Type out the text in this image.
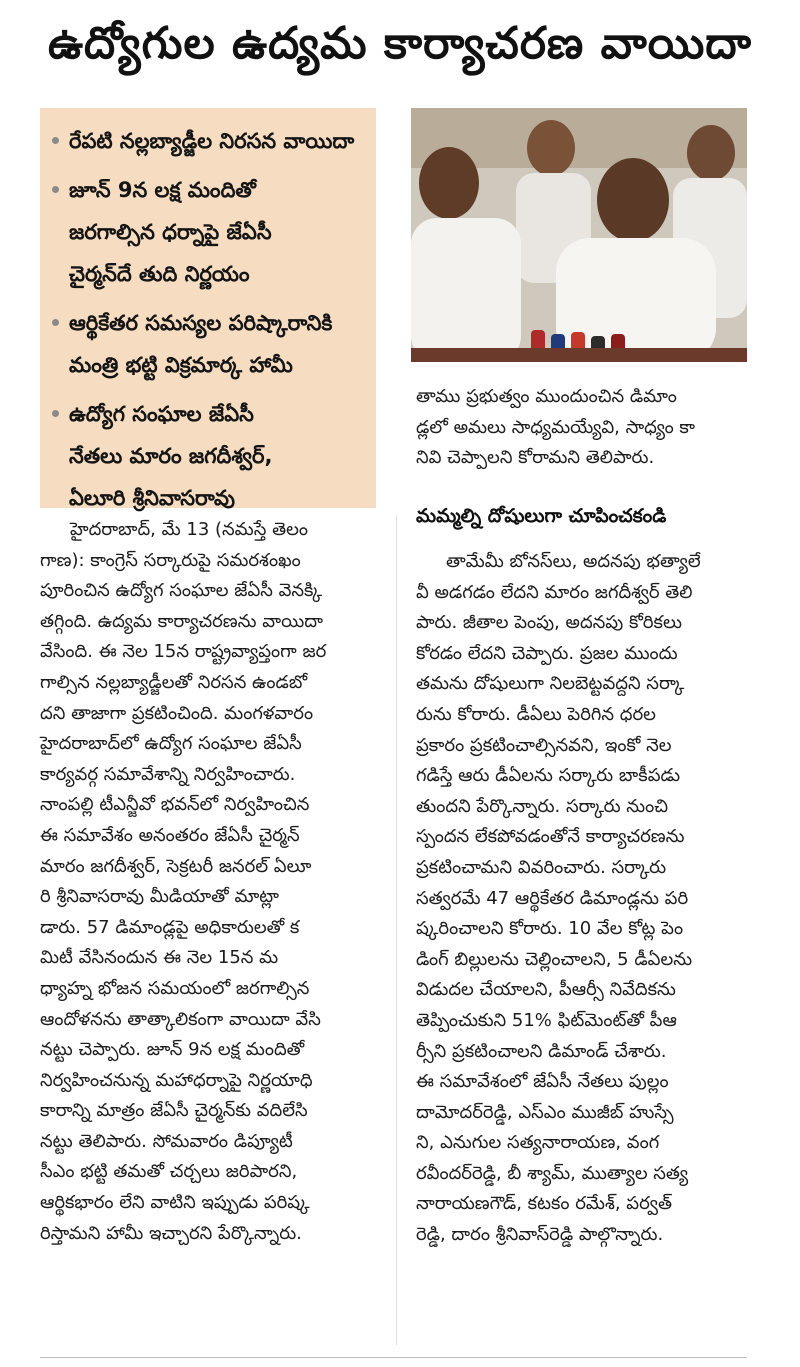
ఉద్యోగుల ఉద్యమ కార్యాచరణ వాయిదా
రేపటి నల్లబ్యాడ్జీల నిరసన వాయిదా
జూన్ 9న లక్ష మందితో
జరగాల్సిన ధర్నాపై జేఏసీ
చైర్మన్‌దే తుది నిర్ణయం
ఆర్థికేతర సమస్యల పరిష్కారానికి
మంత్రి భట్టి విక్రమార్క హామీ
ఉద్యోగ సంఘాల జేఏసీ
నేతలు మారం జగదీశ్వర్,
ఏలూరి శ్రీనివాసరావు
హైదరాబాద్, మే 13 (నమస్తే తెలం
గాణ): కాంగ్రెస్ సర్కారుపై సమరశంఖం
పూరించిన ఉద్యోగ సంఘాల జేఏసీ వెనక్కి
తగ్గింది. ఉద్యమ కార్యాచరణను వాయిదా
వేసింది. ఈ నెల 15న రాష్ట్రవ్యాప్తంగా జర
గాల్సిన నల్లబ్యాడ్జీలతో నిరసన ఉండబో
దని తాజాగా ప్రకటించింది. మంగళవారం
హైదరాబాద్‌లో ఉద్యోగ సంఘాల జేఏసీ
కార్యవర్గ సమావేశాన్ని నిర్వహించారు.
నాంపల్లి టీఎన్జీవో భవన్‌లో నిర్వహించిన
ఈ సమావేశం అనంతరం జేఏసీ చైర్మన్
మారం జగదీశ్వర్, సెక్రటరీ జనరల్ ఏలూ
రి శ్రీనివాసరావు మీడియాతో మాట్లా
డారు. 57 డిమాండ్లపై అధికారులతో క
మిటీ వేసినందున ఈ నెల 15న మ
ధ్యాహ్న భోజన సమయంలో జరగాల్సిన
ఆందోళనను తాత్కాలికంగా వాయిదా వేసి
నట్టు చెప్పారు. జూన్ 9న లక్ష మందితో
నిర్వహించనున్న మహాధర్నాపై నిర్ణయాధి
కారాన్ని మాత్రం జేఏసీ చైర్మన్‌కు వదిలేసి
నట్టు తెలిపారు. సోమవారం డిప్యూటీ
సీఎం భట్టి తమతో చర్చలు జరిపారని,
ఆర్థికభారం లేని వాటిని ఇప్పుడు పరిష్క
రిస్తామని హామీ ఇచ్చారని పేర్కొన్నారు.
తాము ప్రభుత్వం ముందుంచిన డిమాం
డ్లలో అమలు సాధ్యమయ్యేవి, సాధ్యం కా
నివి చెప్పాలని కోరామని తెలిపారు.
మమ్మల్ని దోషులుగా చూపించకండి
తామేమీ బోనస్‌లు, అదనపు భత్యాలే
వీ అడగడం లేదని మారం జగదీశ్వర్ తెలి
పారు. జీతాల పెంపు, అదనపు కోరికలు
కోరడం లేదని చెప్పారు. ప్రజల ముందు
తమను దోషులుగా నిలబెట్టవద్దని సర్కా
రును కోరారు. డీఏలు పెరిగిన ధరల
ప్రకారం ప్రకటించాల్సినవని, ఇంకో నెల
గడిస్తే ఆరు డీఏలను సర్కారు బాకీపడు
తుందని పేర్కొన్నారు. సర్కారు నుంచి
స్పందన లేకపోవడంతోనే కార్యాచరణను
ప్రకటించామని వివరించారు. సర్కారు
సత్వరమే 47 ఆర్థికేతర డిమాండ్లను పరి
ష్కరించాలని కోరారు. 10 వేల కోట్ల పెం
డింగ్ బిల్లులను చెల్లించాలని, 5 డీఏలను
విడుదల చేయాలని, పీఆర్సీ నివేదికను
తెప్పించుకుని 51% ఫిట్‌మెంట్‌తో పీఆ
ర్సీని ప్రకటించాలని డిమాండ్ చేశారు.
ఈ సమావేశంలో జేఏసీ నేతలు పుల్లం
దామోదర్‌రెడ్డి, ఎస్‌ఎం ముజీబ్ హుస్సే
ని, ఎనుగుల సత్యనారాయణ, వంగ
రవీందర్‌రెడ్డి, బీ శ్యామ్, ముత్యాల సత్య
నారాయణగౌడ్, కటకం రమేశ్, పర్వత్
రెడ్డి, దారం శ్రీనివాస్‌రెడ్డి పాల్గొన్నారు.
